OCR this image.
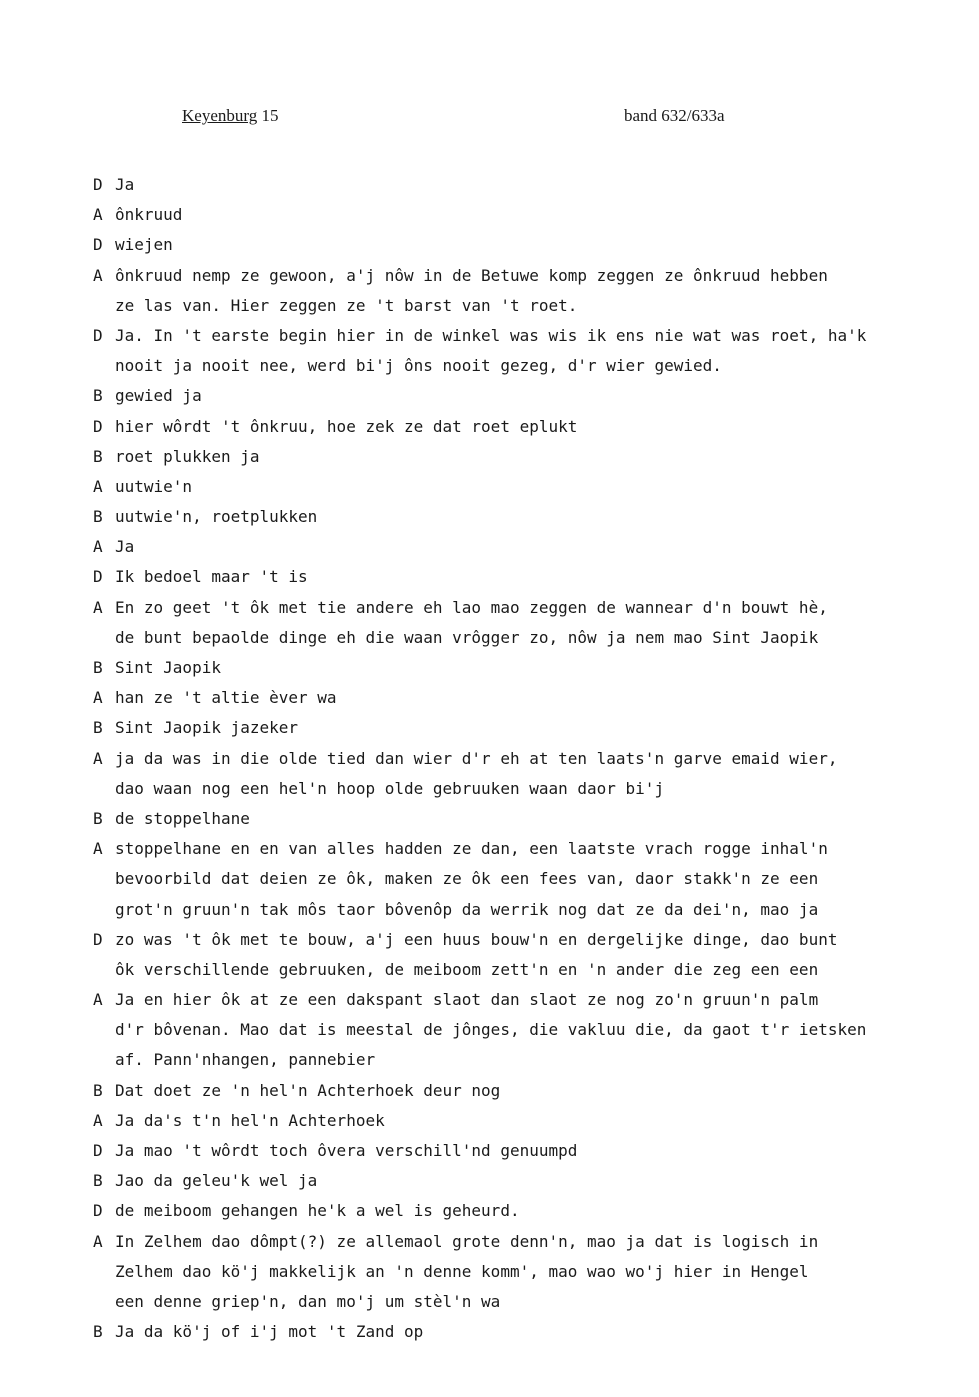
Keyenburg 15	band 632/633a
D Ja
A ônkruud
D wiejen
A ônkruud nemp ze gewoon, a'j nôw in de Betuwe komp zeggen ze ônkruud hebben
ze las van. Hier zeggen ze 't barst van 't roet.
D Ja. In 't earste begin hier in de winkel was wis ik ens nie wat was roet, ha'k
nooit ja nooit nee, werd bi'j ôns nooit gezeg, d'r wier gewied.
B gewied ja
D hier wôrdt 't ônkruu, hoe zek ze dat roet eplukt
B roet plukken ja
A uutwie'n
B uutwie'n, roetplukken
A Ja
D Ik bedoel maar 't is
A En zo geet 't ôk met tie andere eh lao mao zeggen de wannear d'n bouwt hè,
de bunt bepaolde dinge eh die waan vrôgger zo, nôw ja nem mao Sint Jaopik
B Sint Jaopik
A han ze 't altie èver wa
B Sint Jaopik jazeker
A ja da was in die olde tied dan wier d'r eh at ten laats'n garve emaid wier,
dao waan nog een hel'n hoop olde gebruuken waan daor bi'j
B de stoppelhane
A stoppelhane en en van alles hadden ze dan, een laatste vrach rogge inhal'n
bevoorbild dat deien ze ôk, maken ze ôk een fees van, daor stakk'n ze een
grot'n gruun'n tak môs taor bôvenôp da werrik nog dat ze da dei'n, mao ja
D zo was 't ôk met te bouw, a'j een huus bouw'n en dergelijke dinge, dao bunt
ôk verschillende gebruuken, de meiboom zett'n en 'n ander die zeg een een
A Ja en hier ôk at ze een dakspant slaot dan slaot ze nog zo'n gruun'n palm
d'r bôvenan. Mao dat is meestal de jônges, die vakluu die, da gaot t'r ietsken
af. Pann'nhangen, pannebier
B Dat doet ze 'n hel'n Achterhoek deur nog
A Ja da's t'n hel'n Achterhoek
D Ja mao 't wôrdt toch ôvera verschill'nd genuumpd
B Jao da geleu'k wel ja
D de meiboom gehangen he'k a wel is geheurd.
A In Zelhem dao dômpt(?) ze allemaol grote denn'n, mao ja dat is logisch in
Zelhem dao kö'j makkelijk an 'n denne komm', mao wao wo'j hier in Hengel
een denne griep'n, dan mo'j um stèl'n wa
B Ja da kö'j of i'j mot 't Zand op
